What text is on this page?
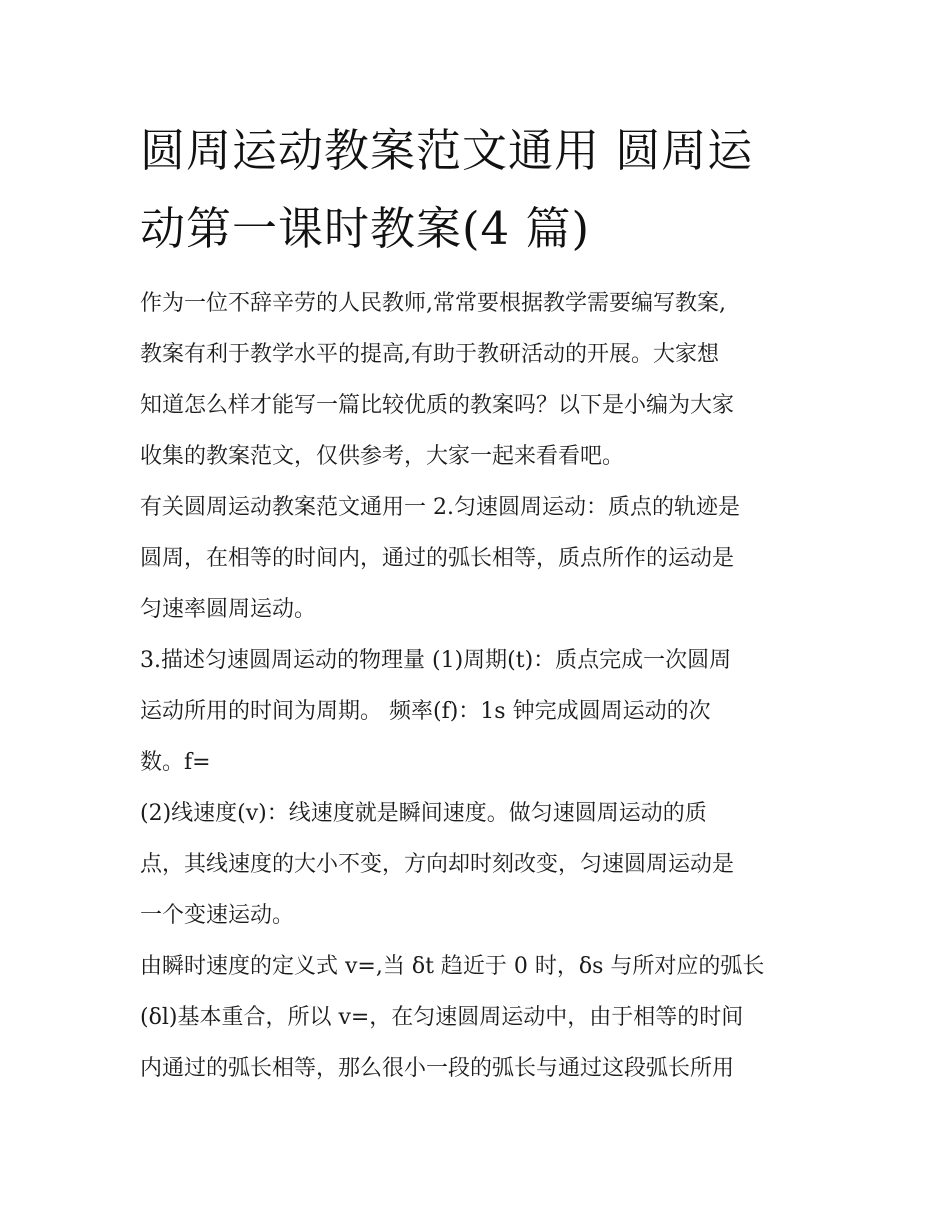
圆周运动教案范文通用 圆周运
动第一课时教案(4 篇)
作为一位不辞辛劳的人民教师,常常要根据教学需要编写教案,
教案有利于教学水平的提高,有助于教研活动的开展。大家想
知道怎么样才能写一篇比较优质的教案吗？以下是小编为大家
收集的教案范文，仅供参考，大家一起来看看吧。
有关圆周运动教案范文通用一 2.匀速圆周运动：质点的轨迹是
圆周，在相等的时间内，通过的弧长相等，质点所作的运动是
匀速率圆周运动。
3.描述匀速圆周运动的物理量 (1)周期(t)：质点完成一次圆周
运动所用的时间为周期。 频率(f)：1s 钟完成圆周运动的次
数。f=
(2)线速度(v)：线速度就是瞬间速度。做匀速圆周运动的质
点，其线速度的大小不变，方向却时刻改变，匀速圆周运动是
一个变速运动。
由瞬时速度的定义式 v=,当 δt 趋近于 0 时，δs 与所对应的弧长
(δl)基本重合，所以 v=，在匀速圆周运动中，由于相等的时间
内通过的弧长相等，那么很小一段的弧长与通过这段弧长所用
